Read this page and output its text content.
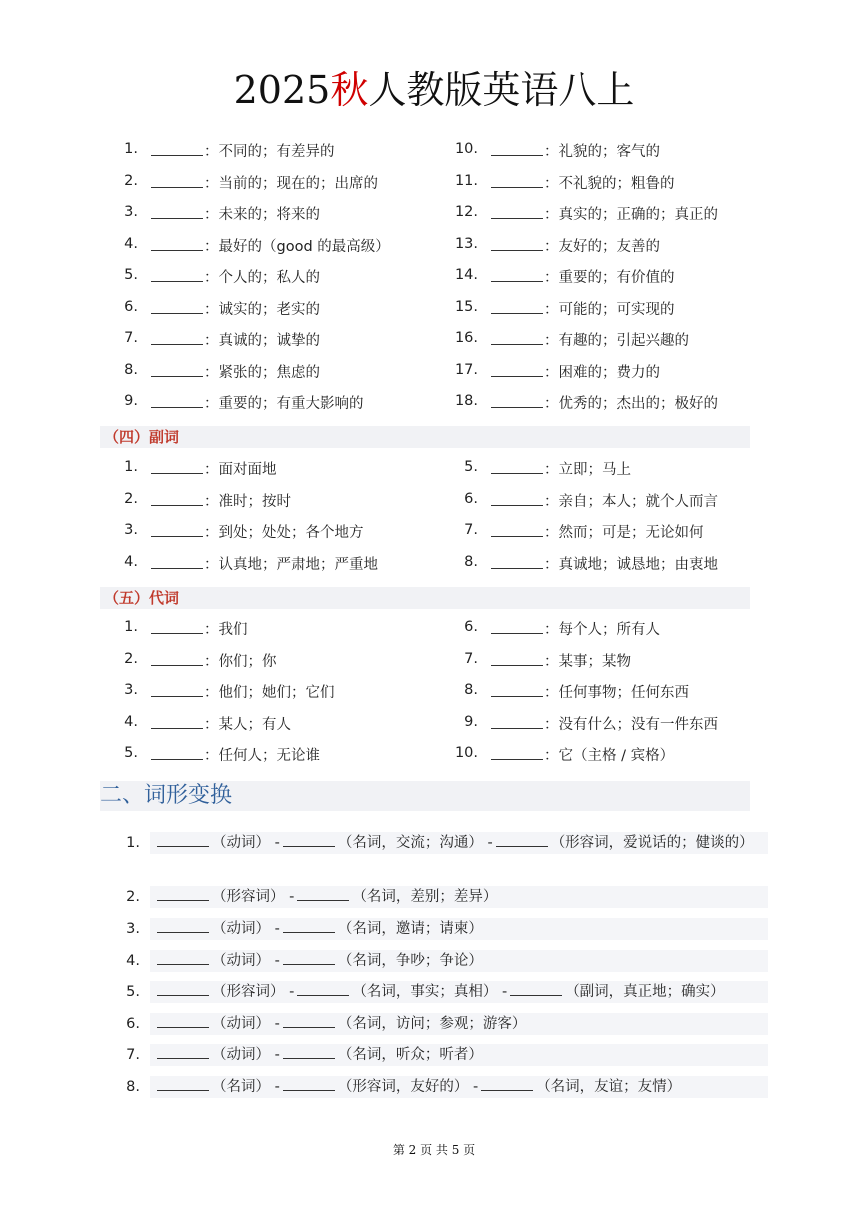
2025秋人教版英语八上
1.	：不同的；有差异的
2.	：当前的；现在的；出席的
3.	：未来的；将来的
4.	：最好的（good 的最高级）
5.	：个人的；私人的
6.	：诚实的；老实的
7.	：真诚的；诚挚的
8.	：紧张的；焦虑的
9.	：重要的；有重大影响的
10.	：礼貌的；客气的
11.	：不礼貌的；粗鲁的
12.	：真实的；正确的；真正的
13.	：友好的；友善的
14.	：重要的；有价值的
15.	：可能的；可实现的
16.	：有趣的；引起兴趣的
17.	：困难的；费力的
18.	：优秀的；杰出的；极好的
（四）副词
1.	：面对面地
2.	：准时；按时
3.	：到处；处处；各个地方
4.	：认真地；严肃地；严重地
5.	：立即；马上
6.	：亲自；本人；就个人而言
7.	：然而；可是；无论如何
8.	：真诚地；诚恳地；由衷地
（五）代词
1.	：我们
2.	：你们；你
3.	：他们；她们；它们
4.	：某人；有人
5.	：任何人；无论谁
6.	：每个人；所有人
7.	：某事；某物
8.	：任何事物；任何东西
9.	：没有什么；没有一件东西
10.	：它（主格 / 宾格）
二、词形变换
1.	（动词） -	（名词，交流；沟通） -	（形容词，爱说话的；健谈的）
2.	（形容词） -	（名词，差别；差异）
3.	（动词） -	（名词，邀请；请柬）
4.	（动词） -	（名词，争吵；争论）
5.	（形容词） -	（名词，事实；真相） -	（副词，真正地；确实）
6.	（动词） -	（名词，访问；参观；游客）
7.	（动词） -	（名词，听众；听者）
8.	（名词） -	（形容词，友好的） -	（名词，友谊；友情）
第 2 页 共 5 页
